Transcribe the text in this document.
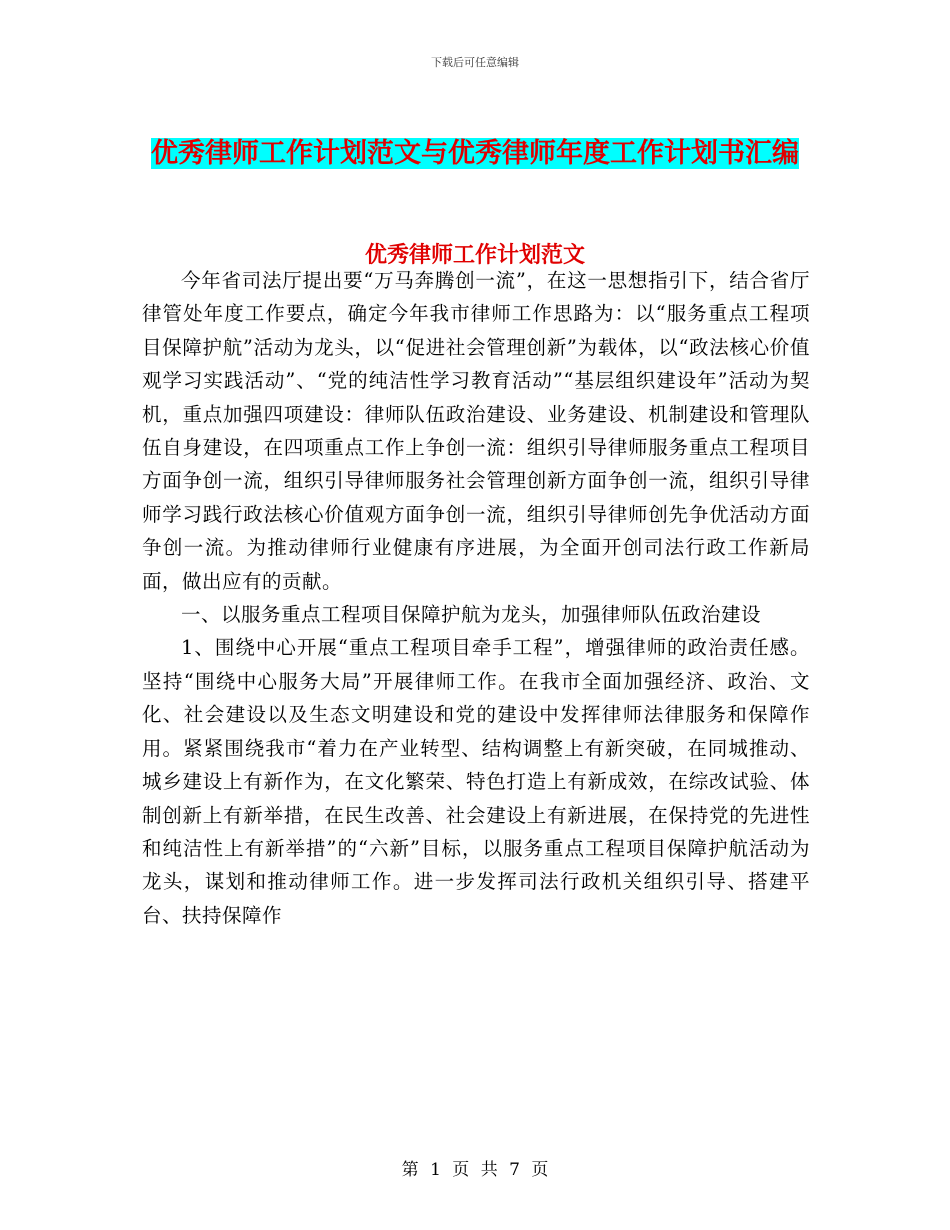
下载后可任意编辑
优秀律师工作计划范文与优秀律师年度工作计划书汇编
优秀律师工作计划范文

今年省司法厅提出要“万马奔腾创一流”，在这一思想指引下，结合省厅律管处年度工作要点，确定今年我市律师工作思路为：以“服务重点工程项目保障护航”活动为龙头，以“促进社会管理创新”为载体，以“政法核心价值观学习实践活动”、“党的纯洁性学习教育活动”“基层组织建设年”活动为契机，重点加强四项建设：律师队伍政治建设、业务建设、机制建设和管理队伍自身建设，在四项重点工作上争创一流：组织引导律师服务重点工程项目方面争创一流，组织引导律师服务社会管理创新方面争创一流，组织引导律师学习践行政法核心价值观方面争创一流，组织引导律师创先争优活动方面争创一流。为推动律师行业健康有序进展，为全面开创司法行政工作新局面，做出应有的贡献。

一、以服务重点工程项目保障护航为龙头，加强律师队伍政治建设

1、围绕中心开展“重点工程项目牵手工程”，增强律师的政治责任感。坚持“围绕中心服务大局”开展律师工作。在我市全面加强经济、政治、文化、社会建设以及生态文明建设和党的建设中发挥律师法律服务和保障作用。紧紧围绕我市“着力在产业转型、结构调整上有新突破，在同城推动、城乡建设上有新作为，在文化繁荣、特色打造上有新成效，在综改试验、体制创新上有新举措，在民生改善、社会建设上有新进展，在保持党的先进性和纯洁性上有新举措”的“六新”目标，以服务重点工程项目保障护航活动为龙头，谋划和推动律师工作。进一步发挥司法行政机关组织引导、搭建平台、扶持保障作

第 1 页 共 7 页
